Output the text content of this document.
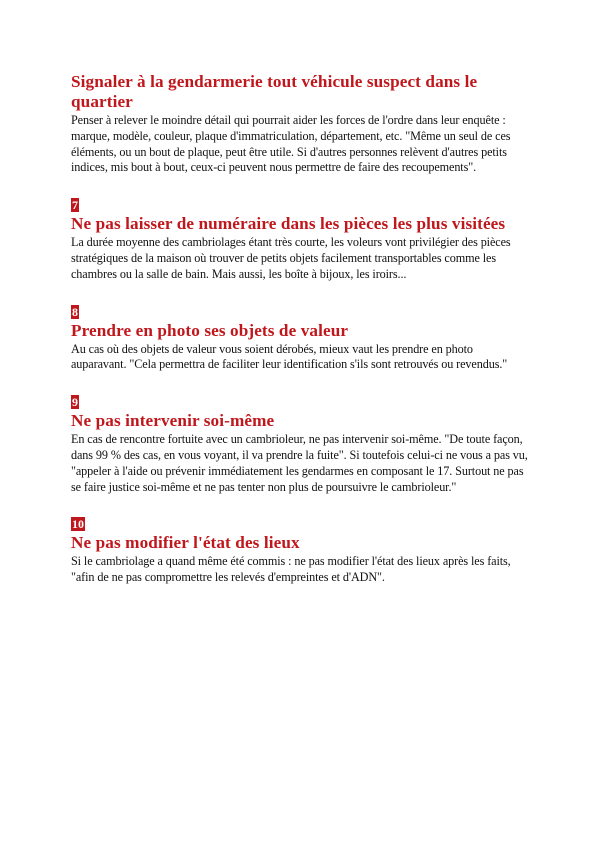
Signaler à la gendarmerie tout véhicule suspect dans le quartier

Penser à relever le moindre détail qui pourrait aider les forces de l'ordre dans leur enquête : marque, modèle, couleur, plaque d'immatriculation, département, etc. "Même un seul de ces éléments, ou un bout de plaque, peut être utile. Si d'autres personnes relèvent d'autres petits indices, mis bout à bout, ceux-ci peuvent nous permettre de faire des recoupements".

7
Ne pas laisser de numéraire dans les pièces les plus visitées

La durée moyenne des cambriolages étant très courte, les voleurs vont privilégier des pièces stratégiques de la maison où trouver de petits objets facilement transportables comme les chambres ou la salle de bain. Mais aussi, les boîte à bijoux, les iroirs...

8
Prendre en photo ses objets de valeur

Au cas où des objets de valeur vous soient dérobés, mieux vaut les prendre en photo auparavant. "Cela permettra de faciliter leur identification s'ils sont retrouvés ou revendus."

9
Ne pas intervenir soi-même

En cas de rencontre fortuite avec un cambrioleur, ne pas intervenir soi-même. "De toute façon, dans 99 % des cas, en vous voyant, il va prendre la fuite". Si toutefois celui-ci ne vous a pas vu, "appeler à l'aide ou prévenir immédiatement les gendarmes en composant le 17. Surtout ne pas se faire justice soi-même et ne pas tenter non plus de poursuivre le cambrioleur."

10
Ne pas modifier l'état des lieux

Si le cambriolage a quand même été commis : ne pas modifier l'état des lieux après les faits, "afin de ne pas compromettre les relevés d'empreintes et d'ADN".
